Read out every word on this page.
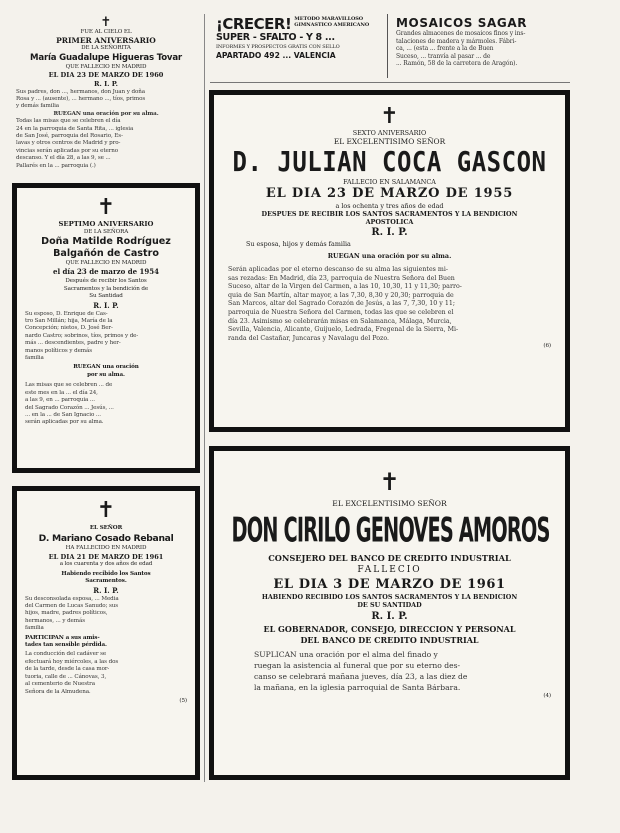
✝
FUE AL CIELO EL
PRIMER ANIVERSARIO
DE LA SEÑORITA
María Guadalupe Higueras Tovar
QUE FALLECIO EN MADRID
EL DIA 23 DE MARZO DE 1960
R. I. P.
Sus padres, don ..., hermanos, don Juan y doña
Rosa y ... (ausente), ... hermano ..., tíos, primos
y demás familia
RUEGAN una oración por su alma.
Todas las misas que se celebren el día
24 en la parroquia de Santa Rita, ... iglesia
de San José, parroquia del Rosario, Es-
lavas y otros centros de Madrid y pro-
vincias serán aplicadas por su eterno
descanso. Y el día 28, a las 9, se ...
Pallarés en la ... parroquia (.)
✝
SEPTIMO ANIVERSARIO
DE LA SEÑORA
Doña Matilde Rodríguez
Balgañón de Castro
QUE FALLECIO EN MADRID
el día 23 de marzo de 1954
Después de recibir los Santos
Sacramentos y la bendición de
Su Santidad
R. I. P.
Su esposo, D. Enrique de Cas-
tro San Millán; hija, María de la
Concepción; nietos, D. José Ber-
nardo Castro; sobrinos, tíos, primos y de-
más ... descendientes, padre y her-
manos políticos y demás
familia
RUEGAN una oración
por su alma.
Las misas que se celebren ... de
este mes en la ... el día 24,
a las 9, en ... parroquia ...
del Sagrado Corazón ... Jesús, ...
... en la ... de San Ignacio ...
serán aplicadas por su alma.
✝
EL SEÑOR
D. Mariano Cosado Rebanal
HA FALLECIDO EN MADRID
EL DIA 21 DE MARZO DE 1961
a los cuarenta y dos años de edad
Habiendo recibido los Santos
Sacramentos.
R. I. P.
Su desconsolada esposa, ... Media
del Carmen de Lucas Sanudo; sus
hijos, madre, padres políticos,
hermanos, ... y demás
familia
PARTICIPAN a sus amis-
tades tan sensible pérdida.
La conducción del cadáver se
efectuará hoy miércoles, a las dos
de la tarde, desde la casa mor-
tuoria, calle de ... Cánovas, 3,
al cementerio de Nuestra
Señora de la Almudena.
(5)
¡CRECER! METODO MARAVILLOSO
GIMNASTICO AMERICANO
SUPER - SFALTO - Y 8 ...
INFORMES Y PROSPECTOS GRATIS CON SELLO
APARTADO 492 ... VALENCIA
MOSAICOS SAGAR
Grandes almacenes de mosaicos finos y ins-
talaciones de madera y mármoles. Fábri-
ca, ... (esta ... frente a la de Buen
Suceso, ... tranvía al pasar ... de
... Ramón, 58 de la carretera de Aragón).
✝
SEXTO ANIVERSARIO
EL EXCELENTISIMO SEÑOR
D. JULIAN COCA GASCON
FALLECIO EN SALAMANCA
EL DIA 23 DE MARZO DE 1955
a los ochenta y tres años de edad
DESPUES DE RECIBIR LOS SANTOS SACRAMENTOS Y LA BENDICION
APOSTOLICA
R. I. P.
Su esposa, hijos y demás familia
RUEGAN una oración por su alma.
Serán aplicadas por el eterno descanso de su alma las siguientes mi-
sas rezadas: En Madrid, día 23, parroquia de Nuestra Señora del Buen
Suceso, altar de la Virgen del Carmen, a las 10, 10,30, 11 y 11,30; parro-
quia de San Martín, altar mayor, a las 7,30, 8,30 y 20,30; parroquia de
San Marcos, altar del Sagrado Corazón de Jesús, a las 7, 7,30, 10 y 11;
parroquia de Nuestra Señora del Carmen, todas las que se celebren el
día 23. Asimismo se celebrarán misas en Salamanca, Málaga, Murcia,
Sevilla, Valencia, Alicante, Guijuelo, Ledrada, Fregenal de la Sierra, Mi-
randa del Castañar, Juncaras y Navalagu del Pozo.
(6)
✝
EL EXCELENTISIMO SEÑOR
DON CIRILO GENOVES AMOROS
CONSEJERO DEL BANCO DE CREDITO INDUSTRIAL
FALLECIO
EL DIA 3 DE MARZO DE 1961
HABIENDO RECIBIDO LOS SANTOS SACRAMENTOS Y LA BENDICION
DE SU SANTIDAD
R. I. P.
EL GOBERNADOR, CONSEJO, DIRECCION Y PERSONAL
DEL BANCO DE CREDITO INDUSTRIAL
SUPLICAN una oración por el alma del finado y
ruegan la asistencia al funeral que por su eterno des-
canso se celebrará mañana jueves, día 23, a las diez de
la mañana, en la iglesia parroquial de Santa Bárbara.
(4)
